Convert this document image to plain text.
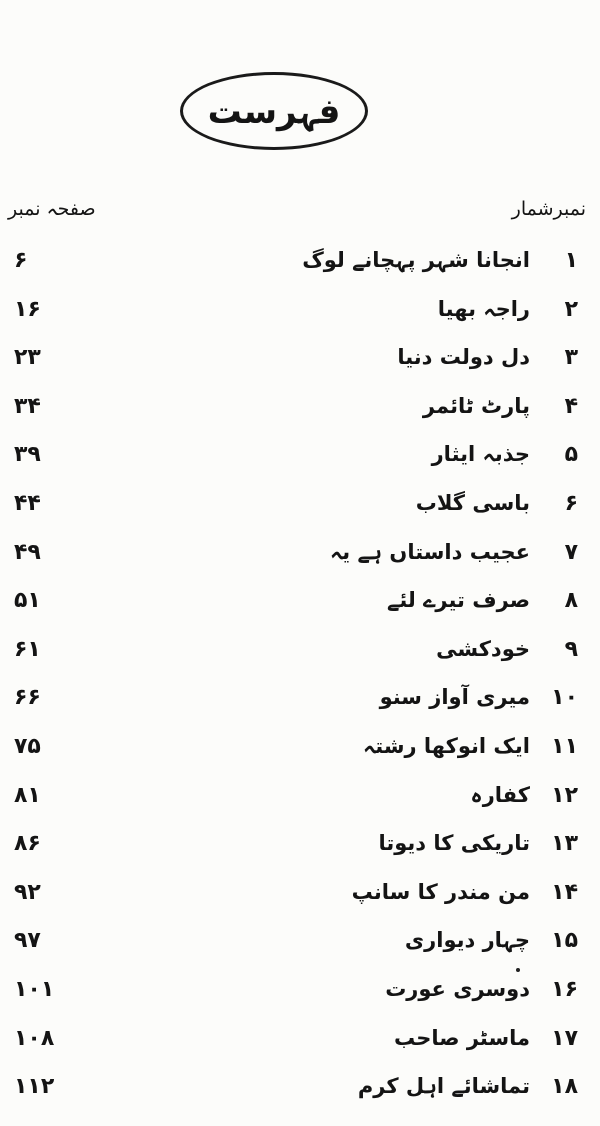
فہرست
نمبرشمار
صفحہ نمبر
۱
انجانا شہر پہچانے لوگ
۶
۲
راجہ بھیا
۱۶
۳
دل دولت دنیا
۲۳
۴
پارٹ ٹائمر
۳۴
۵
جذبہ ایثار
۳۹
۶
باسی گلاب
۴۴
۷
عجیب داستاں ہے یہ
۴۹
۸
صرف تیرے لئے
۵۱
۹
خودکشی
۶۱
۱۰
میری آواز سنو
۶۶
۱۱
ایک انوکھا رشتہ
۷۵
۱۲
کفارہ
۸۱
۱۳
تاریکی کا دیوتا
۸۶
۱۴
من مندر کا سانپ
۹۲
۱۵
چہار دیواری
۹۷
۱۶
دوسری عورت
۱۰۱
۱۷
ماسٹر صاحب
۱۰۸
۱۸
تماشائے اہل کرم
۱۱۲
